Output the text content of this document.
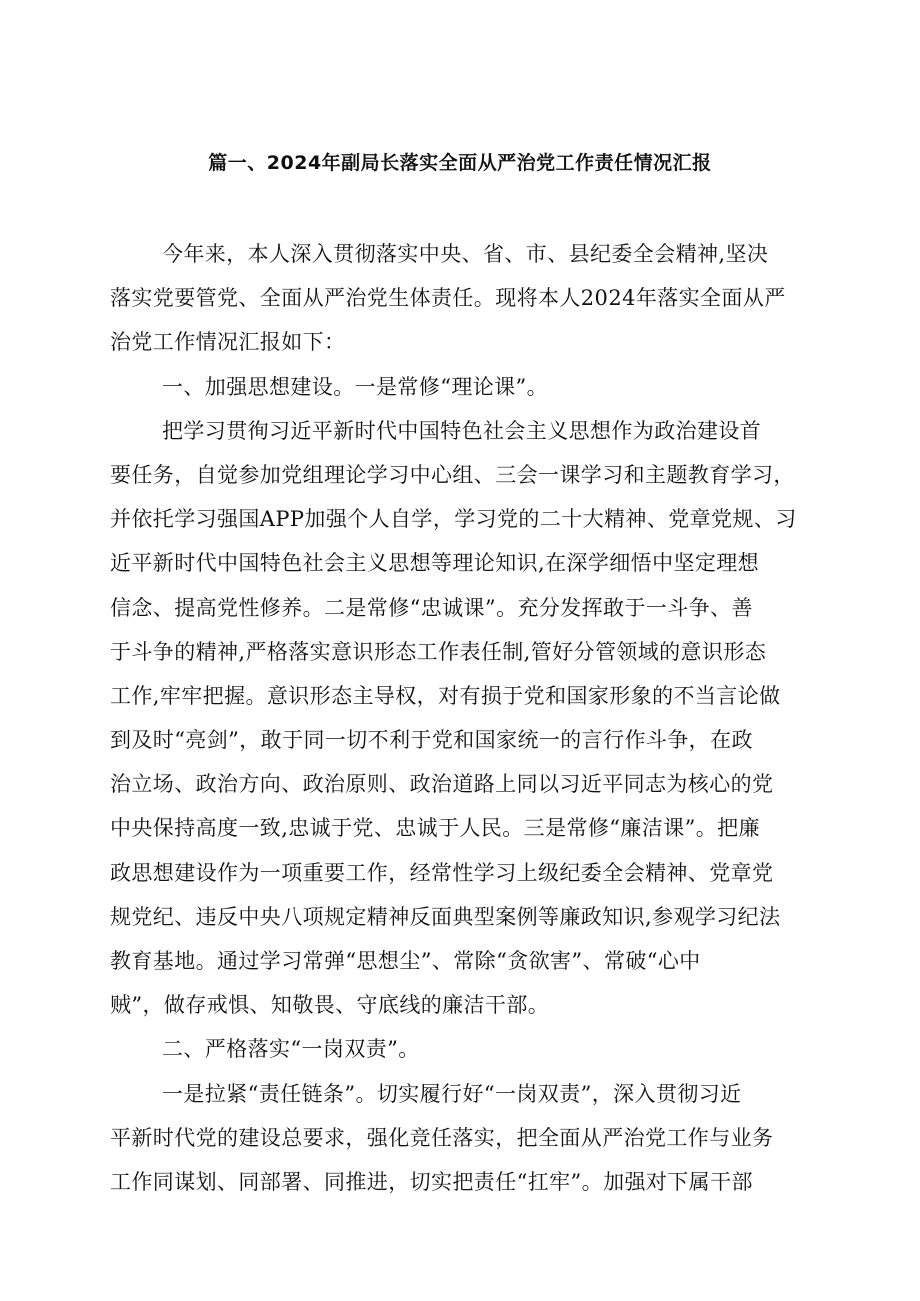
篇一、2024年副局长落实全面从严治党工作责任情况汇报
今年来，本人深入贯彻落实中央、省、市、县纪委全会精神,坚决
落实党要管党、全面从严治党生体责任。现将本人2024年落实全面从严
治党工作情况汇报如下：
一、加强思想建设。一是常修“理论课”。
把学习贯徇习近平新时代中国特色社会主义思想作为政治建设首
要任务，自觉参加党组理论学习中心组、三会一课学习和主题教育学习，
并依托学习强国APP加强个人自学，学习党的二十大精神、党章党规、习
近平新时代中国特色社会主义思想等理论知识,在深学细悟中坚定理想
信念、提高党性修养。二是常修“忠诚课”。充分发挥敢于一斗争、善
于斗争的精神,严格落实意识形态工作表任制,管好分管领域的意识形态
工作,牢牢把握。意识形态主导权，对有损于党和国家形象的不当言论做
到及时“亮剑”，敢于同一切不利于党和国家统一的言行作斗争，在政
治立场、政治方向、政治原则、政治道路上同以习近平同志为核心的党
中央保持高度一致,忠诚于党、忠诚于人民。三是常修“廉洁课”。把廉
政思想建设作为一项重要工作，经常性学习上级纪委全会精神、党章党
规党纪、违反中央八项规定精神反面典型案例等廉政知识,参观学习纪法
教育基地。通过学习常弹“思想尘”、常除“贪欲害”、常破“心中
贼”，做存戒惧、知敬畏、守底线的廉洁干部。
二、严格落实“一岗双责”。
一是拉紧“责任链条”。切实履行好“一岗双责”，深入贯彻习近
平新时代党的建设总要求，强化竞任落实，把全面从严治党工作与业务
工作同谋划、同部署、同推进，切实把责任“扛牢”。加强对下属干部
